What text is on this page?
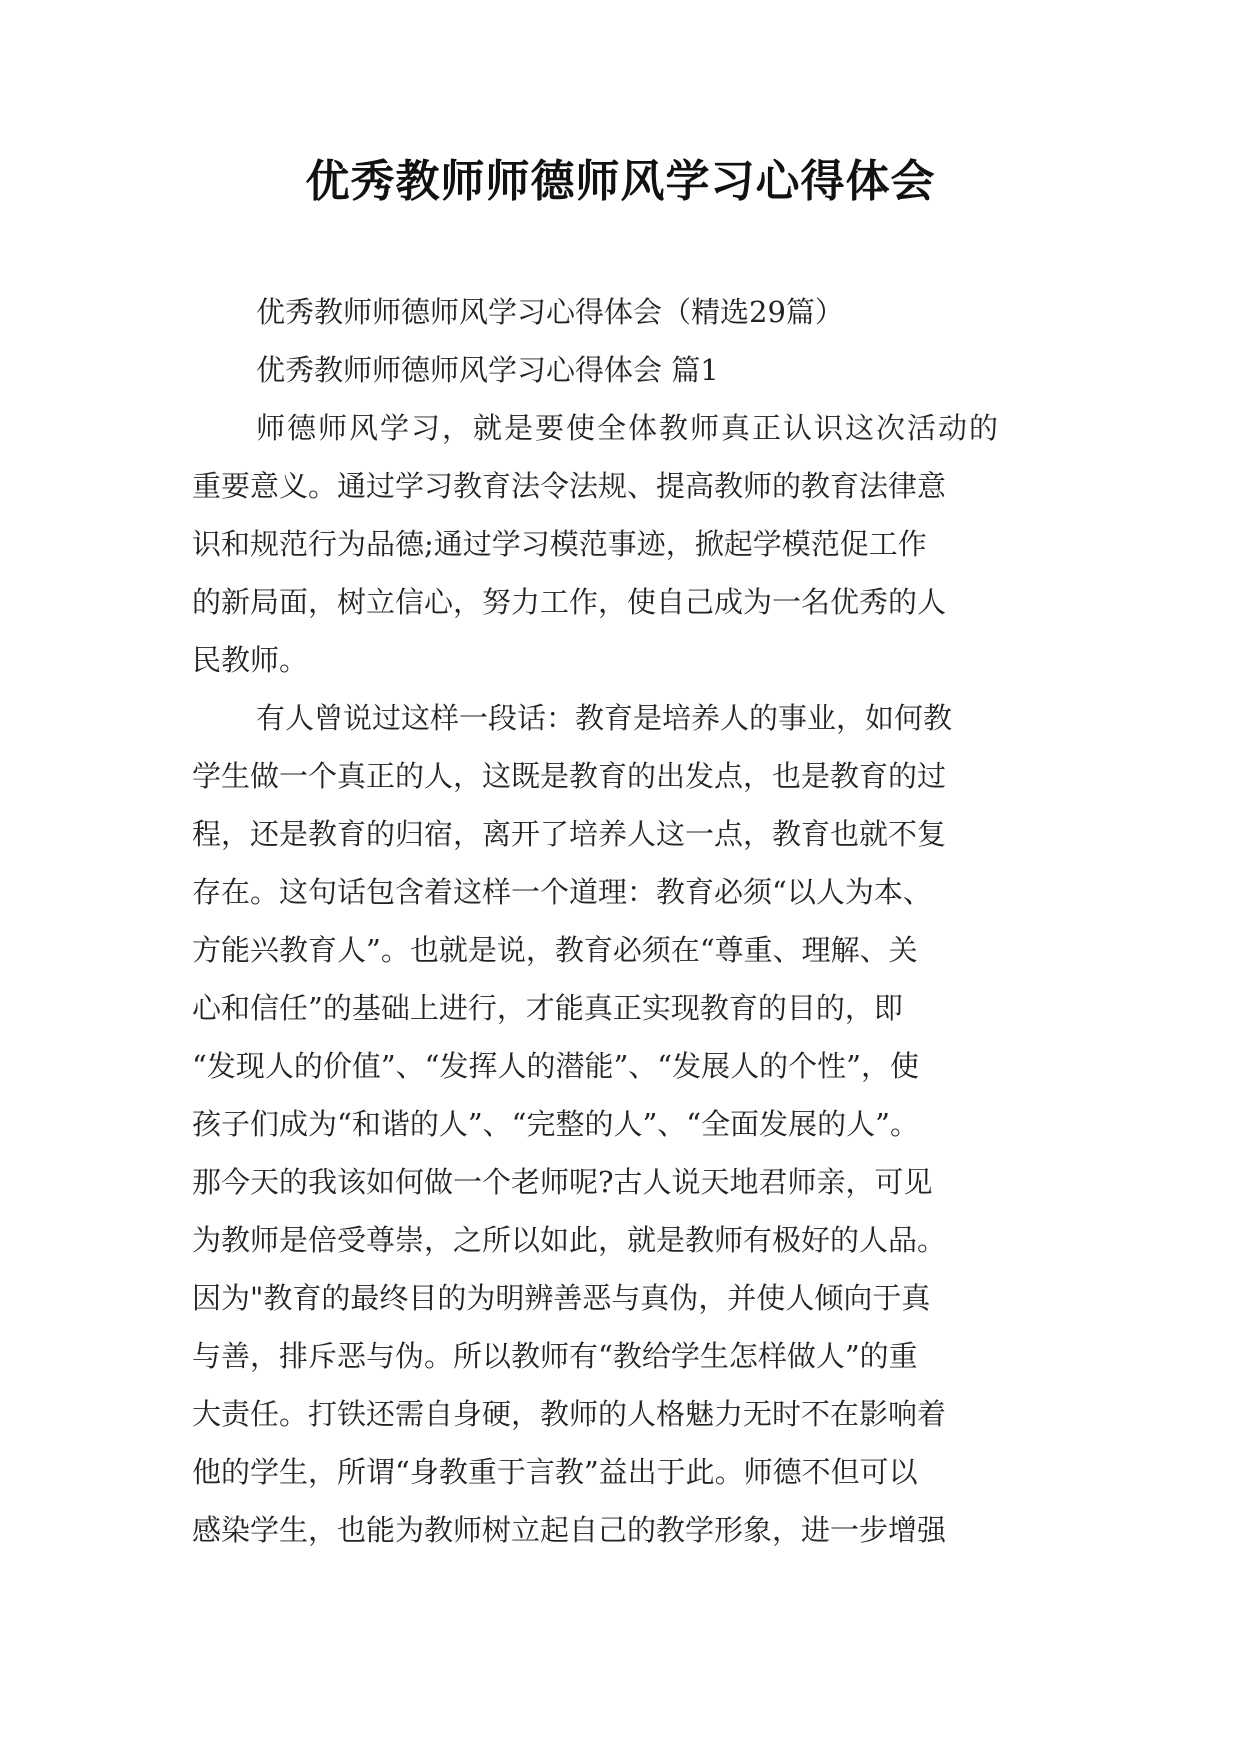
优秀教师师德师风学习心得体会
优秀教师师德师风学习心得体会（精选29篇）
优秀教师师德师风学习心得体会 篇1
师德师风学习，就是要使全体教师真正认识这次活动的
重要意义。通过学习教育法令法规、提高教师的教育法律意
识和规范行为品德;通过学习模范事迹，掀起学模范促工作
的新局面，树立信心，努力工作，使自己成为一名优秀的人
民教师。
有人曾说过这样一段话：教育是培养人的事业，如何教
学生做一个真正的人，这既是教育的出发点，也是教育的过
程，还是教育的归宿，离开了培养人这一点，教育也就不复
存在。这句话包含着这样一个道理：教育必须“以人为本、
方能兴教育人”。也就是说，教育必须在“尊重、理解、关
心和信任”的基础上进行，才能真正实现教育的目的，即
“发现人的价值”、“发挥人的潜能”、“发展人的个性”，使
孩子们成为“和谐的人”、“完整的人”、“全面发展的人”。
那今天的我该如何做一个老师呢?古人说天地君师亲，可见
为教师是倍受尊崇，之所以如此，就是教师有极好的人品。
因为"教育的最终目的为明辨善恶与真伪，并使人倾向于真
与善，排斥恶与伪。所以教师有“教给学生怎样做人”的重
大责任。打铁还需自身硬，教师的人格魅力无时不在影响着
他的学生，所谓“身教重于言教”益出于此。师德不但可以
感染学生，也能为教师树立起自己的教学形象，进一步增强
